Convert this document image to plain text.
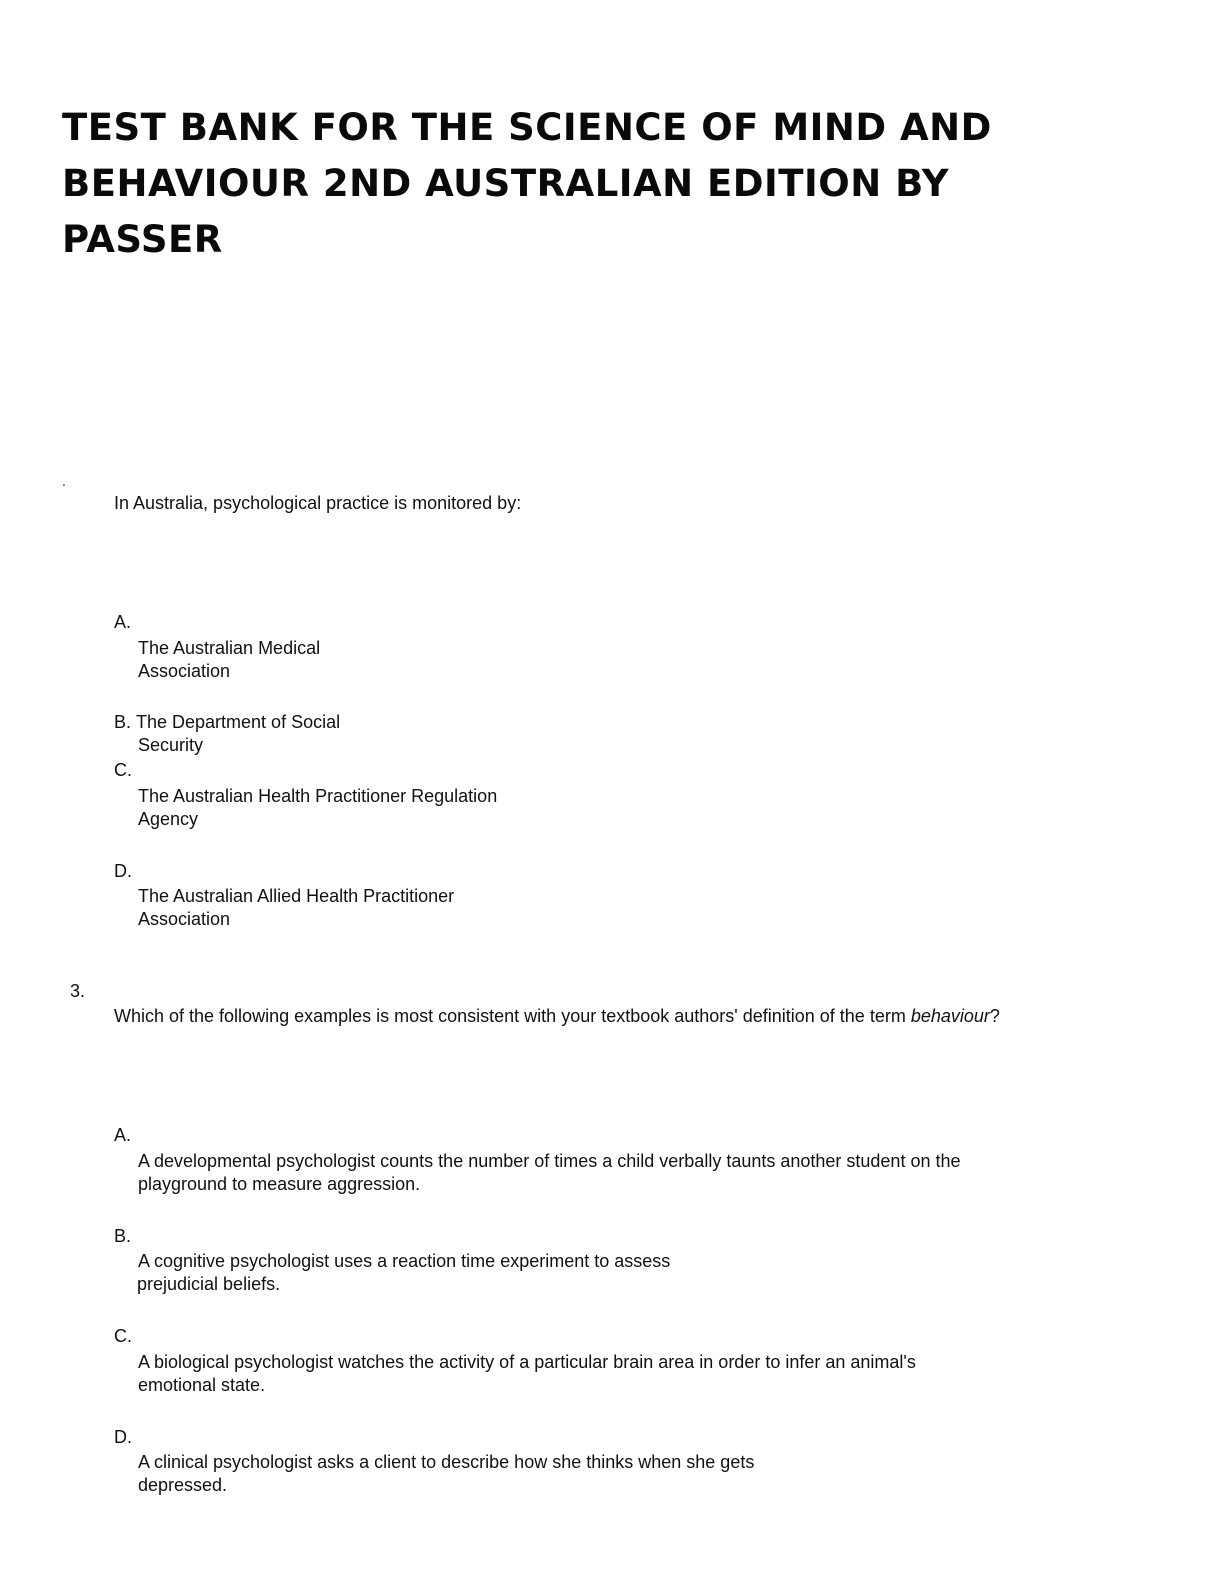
TEST BANK FOR THE SCIENCE OF MIND AND BEHAVIOUR 2ND AUSTRALIAN EDITION BY PASSER
.
In Australia, psychological practice is monitored by:
A.
The Australian Medical
Association
B. The Department of Social
Security
C.
The Australian Health Practitioner Regulation
Agency
D.
The Australian Allied Health Practitioner
Association
3.
Which of the following examples is most consistent with your textbook authors' definition of the term behaviour?
A.
A developmental psychologist counts the number of times a child verbally taunts another student on the
playground to measure aggression.
B.
A cognitive psychologist uses a reaction time experiment to assess
prejudicial beliefs.
C.
A biological psychologist watches the activity of a particular brain area in order to infer an animal's
emotional state.
D.
A clinical psychologist asks a client to describe how she thinks when she gets
depressed.
